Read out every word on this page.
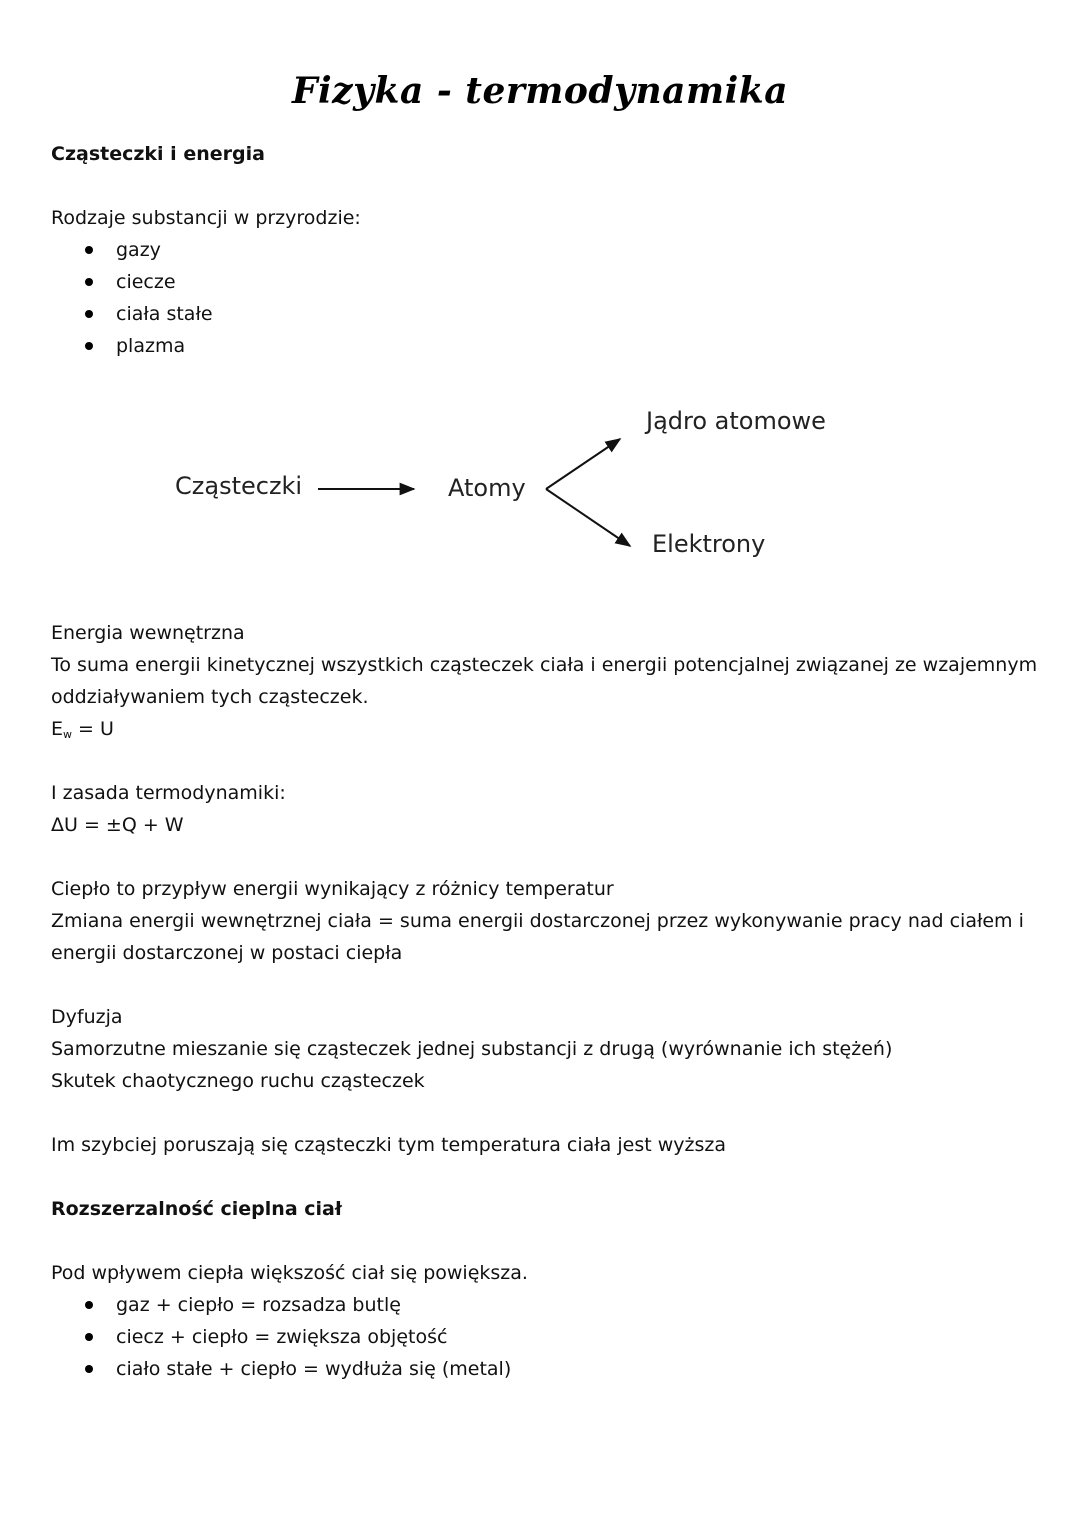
Fizyka - termodynamika
Cząsteczki i energia
Rodzaje substancji w przyrodzie:
gazy
ciecze
ciała stałe
plazma
Cząsteczki	Atomy
Jądro atomowe
Elektrony
Energia wewnętrzna
To suma energii kinetycznej wszystkich cząsteczek ciała i energii potencjalnej związanej ze wzajemnym
oddziaływaniem tych cząsteczek.
$E_w = U$
I zasada termodynamiki:
ΔU = ±Q + W
Ciepło to przypływ energii wynikający z różnicy temperatur
Zmiana energii wewnętrznej ciała = suma energii dostarczonej przez wykonywanie pracy nad ciałem i
energii dostarczonej w postaci ciepła
Dyfuzja
Samorzutne mieszanie się cząsteczek jednej substancji z drugą (wyrównanie ich stężeń)
Skutek chaotycznego ruchu cząsteczek
Im szybciej poruszają się cząsteczki tym temperatura ciała jest wyższa
Rozszerzalność cieplna ciał
Pod wpływem ciepła większość ciał się powiększa.
gaz + ciepło = rozsadza butlę
ciecz + ciepło = zwiększa objętość
ciało stałe + ciepło = wydłuża się (metal)
